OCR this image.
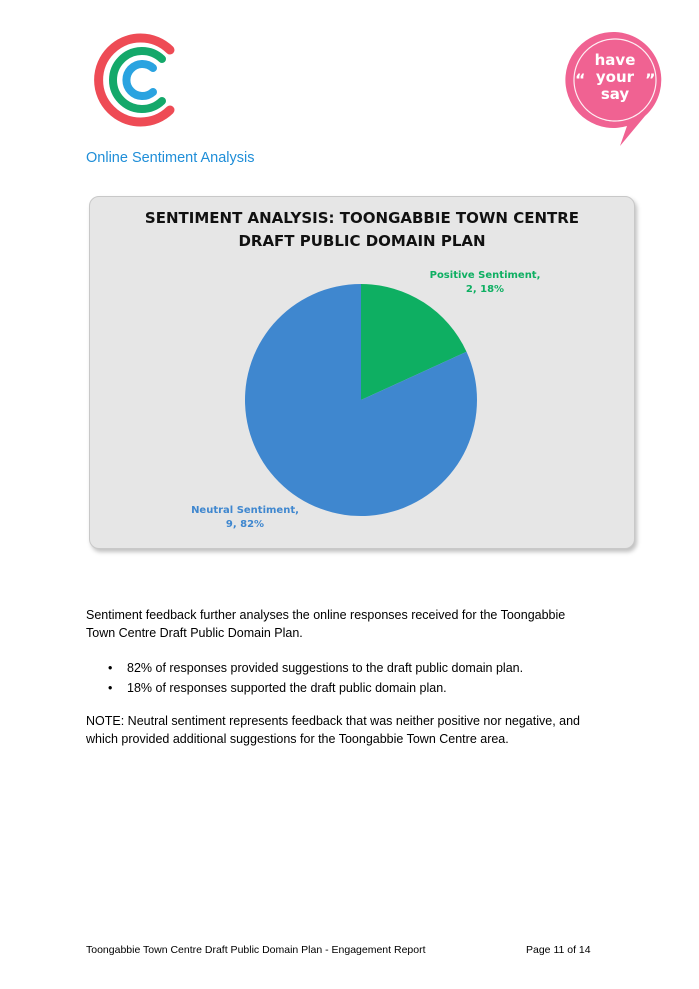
“	”
have
your
say
Online Sentiment Analysis
SENTIMENT ANALYSIS: TOONGABBIE TOWN CENTRE
DRAFT PUBLIC DOMAIN PLAN
Positive Sentiment,
2, 18%
Neutral Sentiment,
9, 82%
Sentiment feedback further analyses the online responses received for the Toongabbie
Town Centre Draft Public Domain Plan.
• 82% of responses provided suggestions to the draft public domain plan.
• 18% of responses supported the draft public domain plan.
NOTE: Neutral sentiment represents feedback that was neither positive nor negative, and
which provided additional suggestions for the Toongabbie Town Centre area.
Toongabbie Town Centre Draft Public Domain Plan - Engagement Report	Page 11 of 14
